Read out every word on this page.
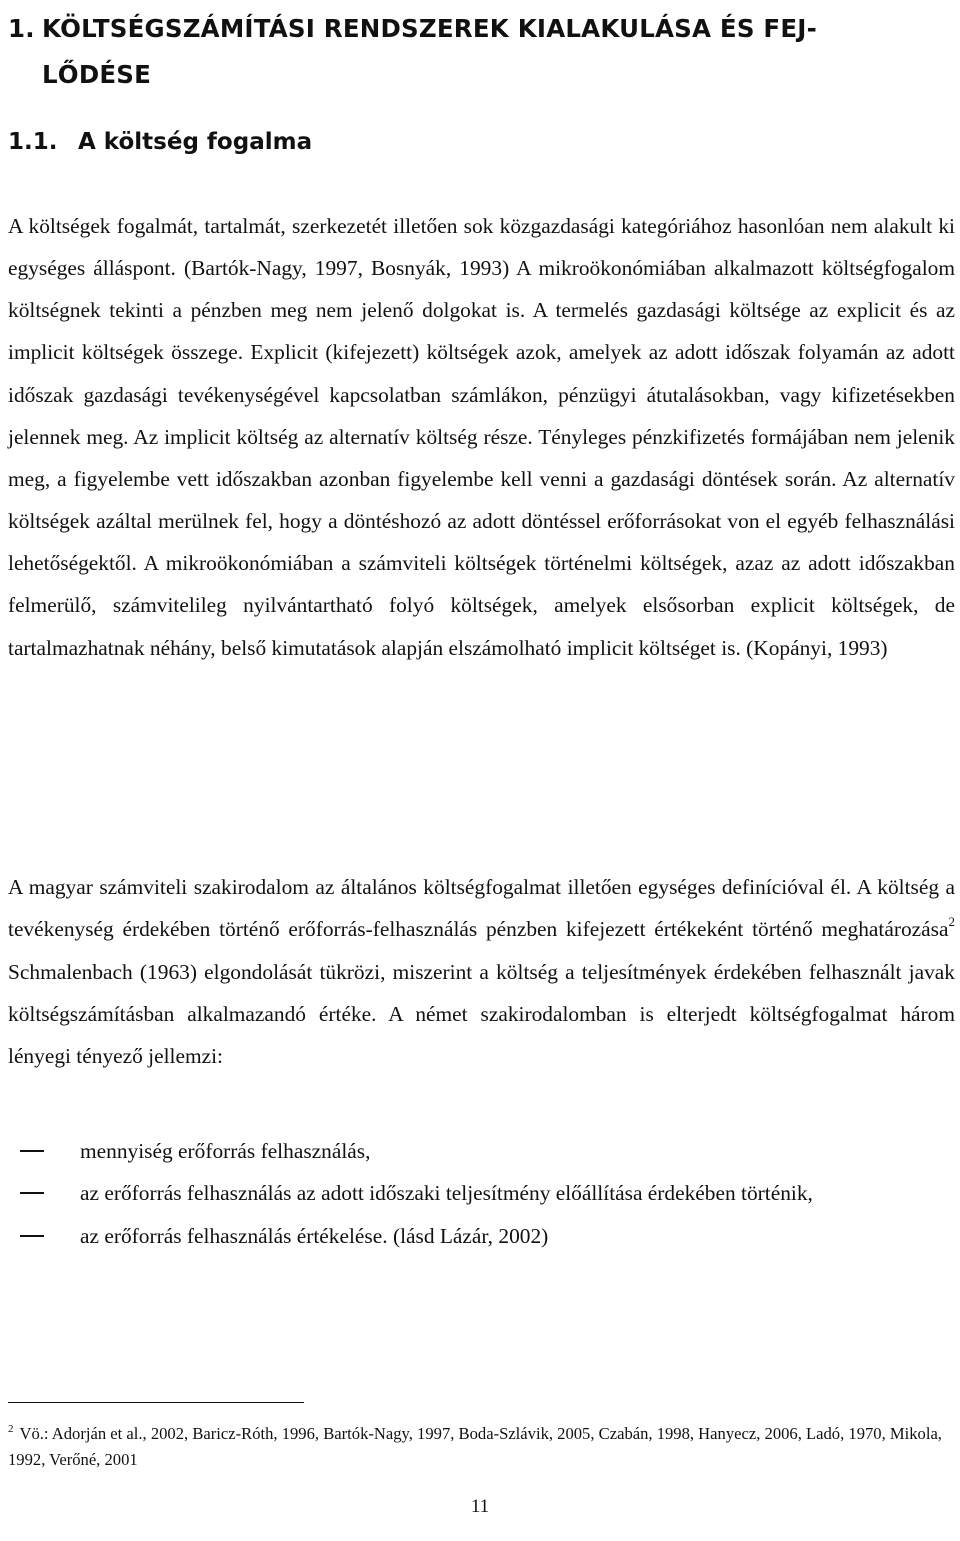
1. KÖLTSÉGSZÁMÍTÁSI RENDSZEREK KIALAKULÁSA ÉS FEJ-
LŐDÉSE
1.1. A költség fogalma

A költségek fogalmát, tartalmát, szerkezetét illetően sok közgazdasági kategóriához hasonlóan nem alakult ki egységes álláspont. (Bartók-Nagy, 1997, Bosnyák, 1993) A mikroökonómiában alkalmazott költségfogalom költségnek tekinti a pénzben meg nem jelenő dolgokat is. A termelés gazdasági költsége az explicit és az implicit költségek összege. Explicit (kifejezett) költségek azok, amelyek az adott időszak folyamán az adott időszak gazdasági tevékenységével kapcsolatban számlákon, pénzügyi átutalásokban, vagy kifizetésekben jelennek meg. Az implicit költség az alternatív költség része. Tényleges pénzkifizetés formájában nem jelenik meg, a figyelembe vett időszakban azonban figyelembe kell venni a gazdasági döntések során. Az alternatív költségek azáltal merülnek fel, hogy a döntéshozó az adott döntéssel erőforrásokat von el egyéb felhasználási lehetőségektől. A mikroökonómiában a számviteli költségek történelmi költségek, azaz az adott időszakban felmerülő, számvitelileg nyilvántartható folyó költségek, amelyek elsősorban explicit költségek, de tartalmazhatnak néhány, belső kimutatások alapján elszámolható implicit költséget is. (Kopányi, 1993)

A magyar számviteli szakirodalom az általános költségfogalmat illetően egységes definícióval él. A költség a tevékenység érdekében történő erőforrás-felhasználás pénzben kifejezett értékeként történő meghatározása$^2$ Schmalenbach (1963) elgondolását tükrözi, miszerint a költség a teljesítmények érdekében felhasznált javak költségszámításban alkalmazandó értéke. A német szakirodalomban is elterjedt költségfogalmat három lényegi tényező jellemzi:

mennyiség erőforrás felhasználás,
az erőforrás felhasználás az adott időszaki teljesítmény előállítása érdekében történik,
az erőforrás felhasználás értékelése. (lásd Lázár, 2002)

$^2$ Vö.: Adorján et al., 2002, Baricz-Róth, 1996, Bartók-Nagy, 1997, Boda-Szlávik, 2005, Czabán, 1998, Hanyecz, 2006, Ladó, 1970, Mikola, 1992, Verőné, 2001

11
